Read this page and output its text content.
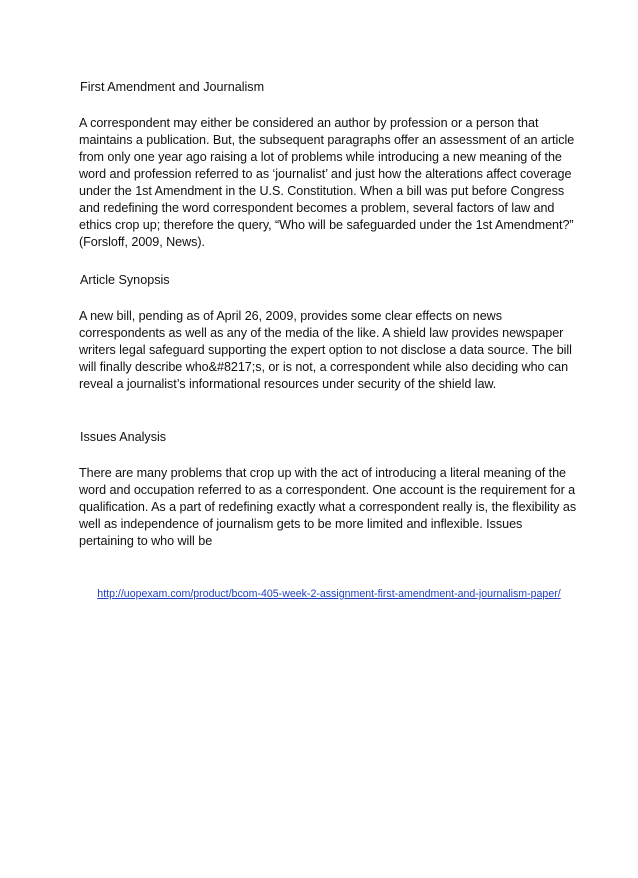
First Amendment and Journalism

A correspondent may either be considered an author by profession or a person that maintains a publication. But, the subsequent paragraphs offer an assessment of an article from only one year ago raising a lot of problems while introducing a new meaning of the word and profession referred to as ‘journalist’ and just how the alterations affect coverage under the 1st Amendment in the U.S. Constitution. When a bill was put before Congress and redefining the word correspondent becomes a problem, several factors of law and ethics crop up; therefore the query, “Who will be safeguarded under the 1st Amendment?” (Forsloff, 2009, News).

Article Synopsis

A new bill, pending as of April 26, 2009, provides some clear effects on news correspondents as well as any of the media of the like. A shield law provides newspaper writers legal safeguard supporting the expert option to not disclose a data source. The bill will finally describe who&#8217;s, or is not, a correspondent while also deciding who can reveal a journalist’s informational resources under security of the shield law.

Issues Analysis

There are many problems that crop up with the act of introducing a literal meaning of the word and occupation referred to as a correspondent. One account is the requirement for a qualification. As a part of redefining exactly what a correspondent really is, the flexibility as well as independence of journalism gets to be more limited and inflexible. Issues pertaining to who will be

http://uopexam.com/product/bcom-405-week-2-assignment-first-amendment-and-journalism-paper/
